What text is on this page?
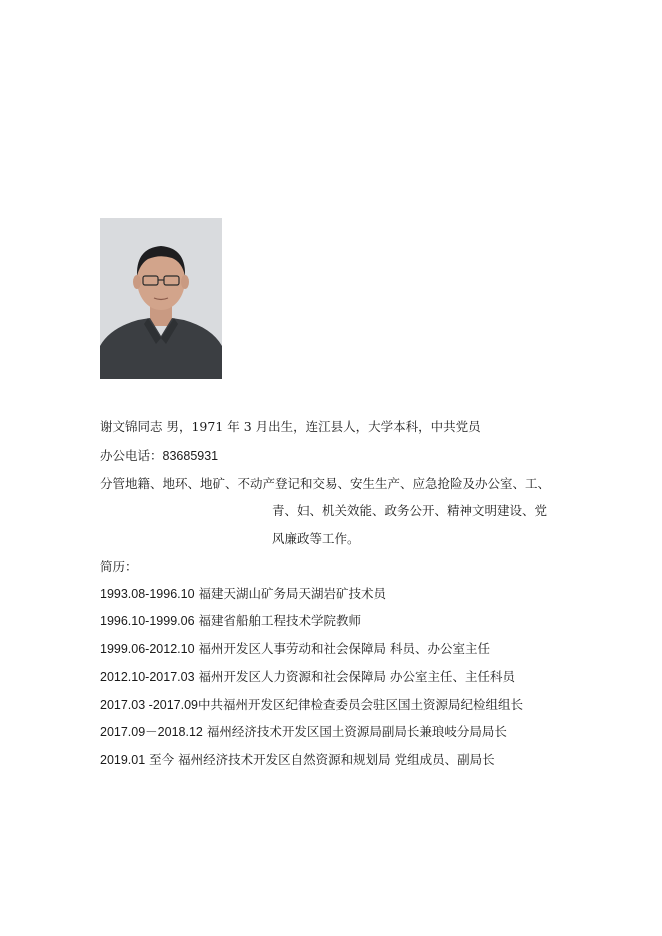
谢文锦同志 男，1971 年 3 月出生，连江县人，大学本科，中共党员
办公电话：83685931
分管地籍、地环、地矿、不动产登记和交易、安生生产、应急抢险及办公室、工、
青、妇、机关效能、政务公开、精神文明建设、党
风廉政等工作。
简历：
1993.08-1996.10 福建天湖山矿务局天湖岩矿技术员
1996.10-1999.06 福建省船舶工程技术学院教师
1999.06-2012.10 福州开发区人事劳动和社会保障局 科员、办公室主任
2012.10-2017.03 福州开发区人力资源和社会保障局 办公室主任、主任科员
2017.03 -2017.09中共福州开发区纪律检查委员会驻区国土资源局纪检组组长
2017.09－2018.12 福州经济技术开发区国土资源局副局长兼琅岐分局局长
2019.01 至今 福州经济技术开发区自然资源和规划局 党组成员、副局长
